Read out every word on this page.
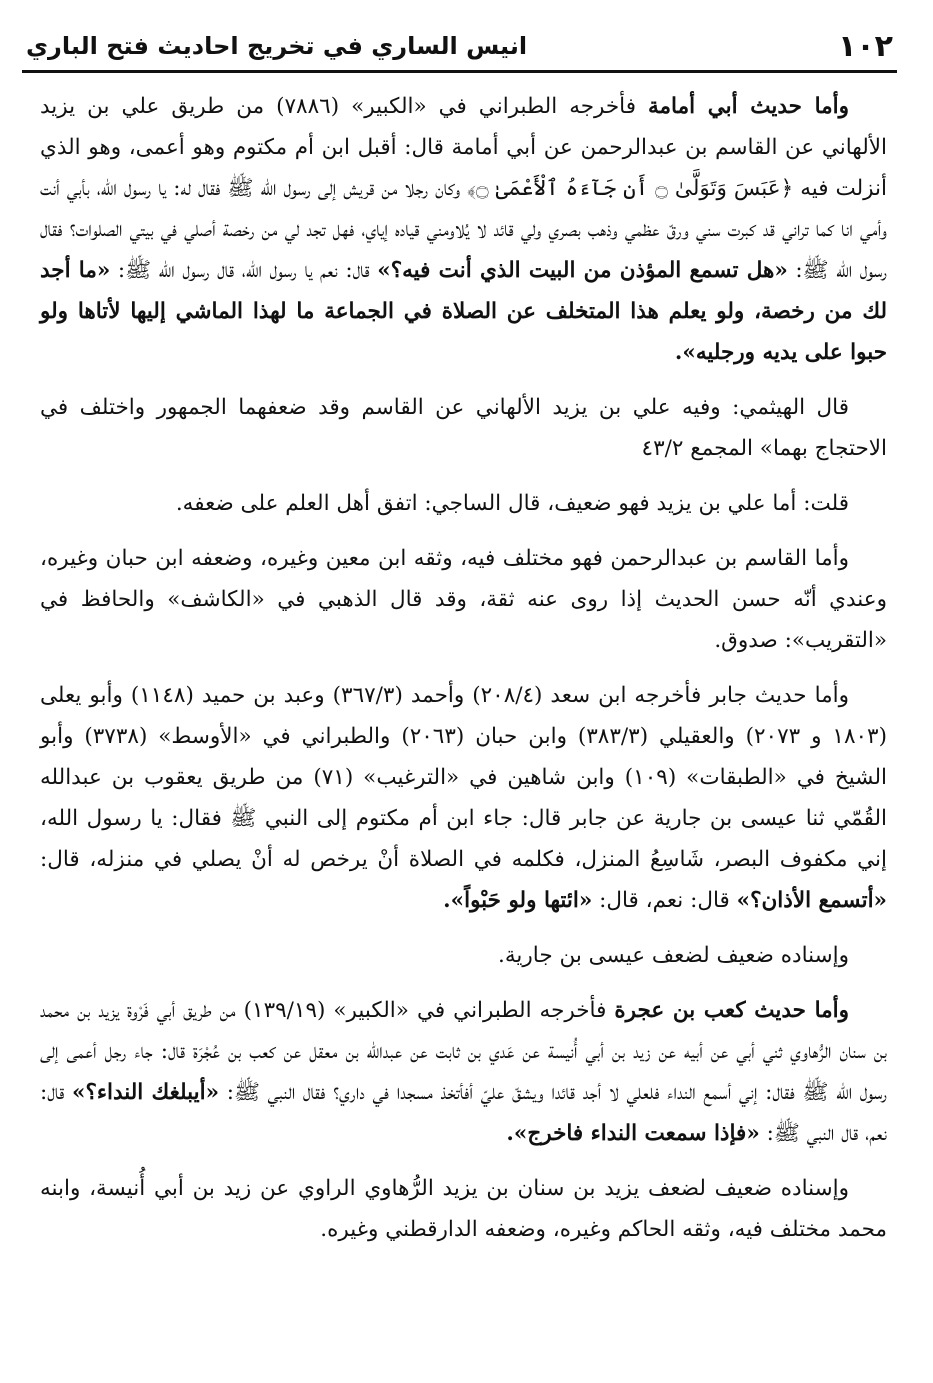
١٠٢
انيس الساري في تخريج احاديث فتح الباري

وأما حديث أبي أمامة فأخرجه الطبراني في «الكبير» (٧٨٨٦) من طريق علي بن يزيد الألهاني عن القاسم بن عبدالرحمن عن أبي أمامة قال: أقبل ابن أم مكتوم وهو أعمى، وهو الذي أنزلت فيه ﴿عَبَسَ وَتَوَلَّىٰ ۝ أَن جَآءَهُ ٱلْأَعْمَىٰ ۝﴾ وكان رجلا من قريش إلى رسول الله ﷺ فقال له: يا رسول الله، بأبي أنت وأمي انا كما تراني قد كبرت سني ورقّ عظمي وذهب بصري ولي قائد لا يُلاومني قياده إياي، فهل تجد لي من رخصة أصلي في بيتي الصلوات؟ فقال رسول الله ﷺ: «هل تسمع المؤذن من البيت الذي أنت فيه؟» قال: نعم يا رسول الله، قال رسول الله ﷺ: «ما أجد لك من رخصة، ولو يعلم هذا المتخلف عن الصلاة في الجماعة ما لهذا الماشي إليها لأتاها ولو حبوا على يديه ورجليه».

قال الهيثمي: وفيه علي بن يزيد الألهاني عن القاسم وقد ضعفهما الجمهور واختلف في الاحتجاج بهما» المجمع ٤٣/٢

قلت: أما علي بن يزيد فهو ضعيف، قال الساجي: اتفق أهل العلم على ضعفه.

وأما القاسم بن عبدالرحمن فهو مختلف فيه، وثقه ابن معين وغيره، وضعفه ابن حبان وغيره، وعندي أنّه حسن الحديث إذا روى عنه ثقة، وقد قال الذهبي في «الكاشف» والحافظ في «التقريب»: صدوق.

وأما حديث جابر فأخرجه ابن سعد (٢٠٨/٤) وأحمد (٣٦٧/٣) وعبد بن حميد (١١٤٨) وأبو يعلى (١٨٠٣ و ٢٠٧٣) والعقيلي (٣٨٣/٣) وابن حبان (٢٠٦٣) والطبراني في «الأوسط» (٣٧٣٨) وأبو الشيخ في «الطبقات» (١٠٩) وابن شاهين في «الترغيب» (٧١) من طريق يعقوب بن عبدالله القُمّي ثنا عيسى بن جارية عن جابر قال: جاء ابن أم مكتوم إلى النبي ﷺ فقال: يا رسول الله، إني مكفوف البصر، شَاسِعُ المنزل، فكلمه في الصلاة أنْ يرخص له أنْ يصلي في منزله، قال: «أتسمع الأذان؟» قال: نعم، قال: «ائتها ولو حَبْواً».

وإسناده ضعيف لضعف عيسى بن جارية.

وأما حديث كعب بن عجرة فأخرجه الطبراني في «الكبير» (١٣٩/١٩) من طريق أبي فَرْوة يزيد بن محمد بن سنان الرُّهاوي ثني أبي عن أبيه عن زيد بن أبي أُنيسة عن عَدي بن ثابت عن عبدالله بن معقل عن كعب بن عُجْرَة قال: جاء رجل أعمى إلى رسول الله ﷺ فقال: إني أسمع النداء فلعلي لا أجد قائدا ويشقّ عليّ أفأتخذ مسجدا في داري؟ فقال النبي ﷺ: «أيبلغك النداء؟» قال: نعم، قال النبي ﷺ: «فإذا سمعت النداء فاخرج».

وإسناده ضعيف لضعف يزيد بن سنان بن يزيد الرُّهاوي الراوي عن زيد بن أبي أُنيسة، وابنه محمد مختلف فيه، وثقه الحاكم وغيره، وضعفه الدارقطني وغيره.
